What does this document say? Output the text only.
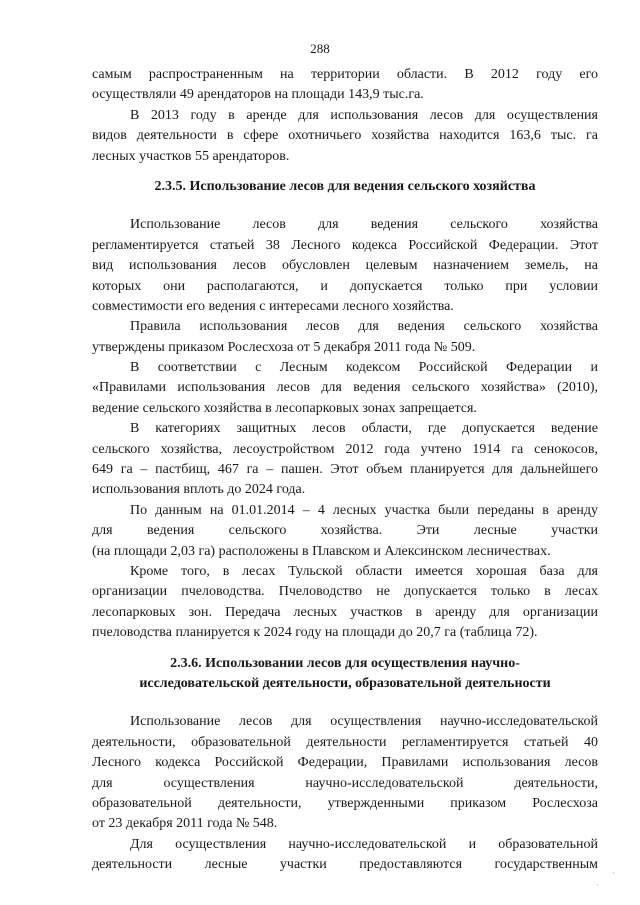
288

самым распространенным на территории области. В 2012 году его

осуществляли 49 арендаторов на площади 143,9 тыс.га.

В 2013 году в аренде для использования лесов для осуществления

видов деятельности в сфере охотничьего хозяйства находится 163,6 тыс. га

лесных участков 55 арендаторов.

2.3.5. Использование лесов для ведения сельского хозяйства

Использование лесов для ведения сельского хозяйства

регламентируется статьей 38 Лесного кодекса Российской Федерации. Этот

вид использования лесов обусловлен целевым назначением земель, на

которых они располагаются, и допускается только при условии

совместимости его ведения с интересами лесного хозяйства.

Правила использования лесов для ведения сельского хозяйства

утверждены приказом Рослесхоза от 5 декабря 2011 года № 509.

В соответствии с Лесным кодексом Российской Федерации и

«Правилами использования лесов для ведения сельского хозяйства» (2010),

ведение сельского хозяйства в лесопарковых зонах запрещается.

В категориях защитных лесов области, где допускается ведение

сельского хозяйства, лесоустройством 2012 года учтено 1914 га сенокосов,

649 га – пастбищ, 467 га – пашен. Этот объем планируется для дальнейшего

использования вплоть до 2024 года.

По данным на 01.01.2014 – 4 лесных участка были переданы в аренду

для ведения сельского хозяйства. Эти лесные участки

(на площади 2,03 га) расположены в Плавском и Алексинском лесничествах.

Кроме того, в лесах Тульской области имеется хорошая база для

организации пчеловодства. Пчеловодство не допускается только в лесах

лесопарковых зон. Передача лесных участков в аренду для организации

пчеловодства планируется к 2024 году на площади до 20,7 га (таблица 72).

2.3.6. Использовании лесов для осуществления научно-

исследовательской деятельности, образовательной деятельности

Использование лесов для осуществления научно-исследовательской

деятельности, образовательной деятельности регламентируется статьей 40

Лесного кодекса Российской Федерации, Правилами использования лесов

для осуществления научно-исследовательской деятельности,

образовательной деятельности, утвержденными приказом Рослесхоза

от 23 декабря 2011 года № 548.

Для осуществления научно-исследовательской и образовательной

деятельности лесные участки предоставляются государственным

·
·
